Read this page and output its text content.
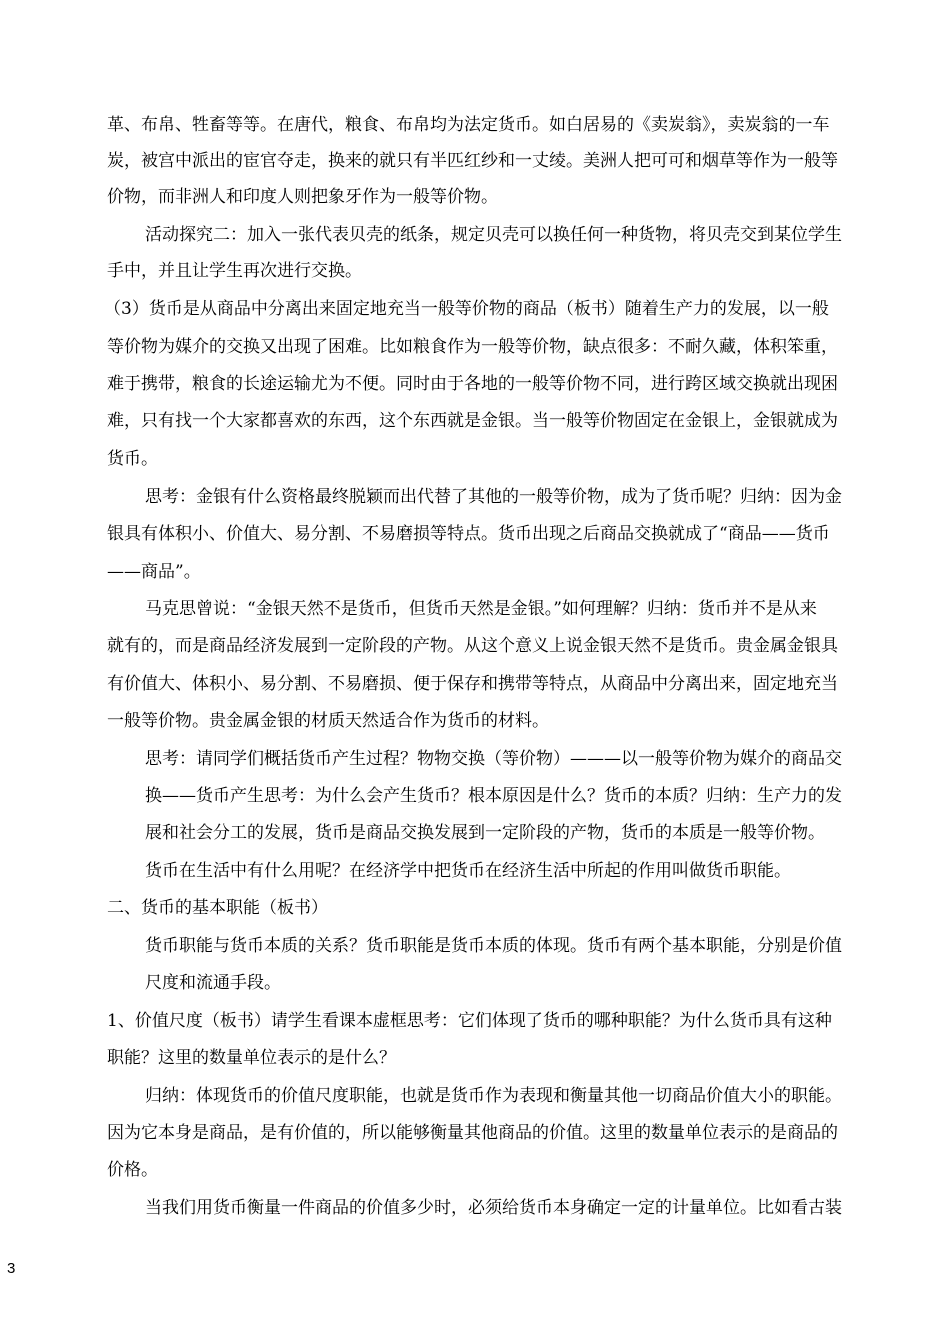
革、布帛、牲畜等等。在唐代，粮食、布帛均为法定货币。如白居易的《卖炭翁》，卖炭翁的一车
炭，被宫中派出的宦官夺走，换来的就只有半匹红纱和一丈绫。美洲人把可可和烟草等作为一般等
价物，而非洲人和印度人则把象牙作为一般等价物。
活动探究二：加入一张代表贝壳的纸条，规定贝壳可以换任何一种货物，将贝壳交到某位学生
手中，并且让学生再次进行交换。
（3）货币是从商品中分离出来固定地充当一般等价物的商品（板书）随着生产力的发展，以一般
等价物为媒介的交换又出现了困难。比如粮食作为一般等价物，缺点很多：不耐久藏，体积笨重，
难于携带，粮食的长途运输尤为不便。同时由于各地的一般等价物不同，进行跨区域交换就出现困
难，只有找一个大家都喜欢的东西，这个东西就是金银。当一般等价物固定在金银上，金银就成为
货币。
思考：金银有什么资格最终脱颖而出代替了其他的一般等价物，成为了货币呢？归纳：因为金
银具有体积小、价值大、易分割、不易磨损等特点。货币出现之后商品交换就成了“商品——货币
——商品”。
马克思曾说：“金银天然不是货币，但货币天然是金银。”如何理解？归纳：货币并不是从来
就有的，而是商品经济发展到一定阶段的产物。从这个意义上说金银天然不是货币。贵金属金银具
有价值大、体积小、易分割、不易磨损、便于保存和携带等特点，从商品中分离出来，固定地充当
一般等价物。贵金属金银的材质天然适合作为货币的材料。
思考：请同学们概括货币产生过程？物物交换（等价物）———以一般等价物为媒介的商品交
换——货币产生思考：为什么会产生货币？根本原因是什么？货币的本质？归纳：生产力的发
展和社会分工的发展，货币是商品交换发展到一定阶段的产物，货币的本质是一般等价物。
货币在生活中有什么用呢？在经济学中把货币在经济生活中所起的作用叫做货币职能。
二、货币的基本职能（板书）
货币职能与货币本质的关系？货币职能是货币本质的体现。货币有两个基本职能，分别是价值
尺度和流通手段。
1、价值尺度（板书）请学生看课本虚框思考：它们体现了货币的哪种职能？为什么货币具有这种
职能？这里的数量单位表示的是什么？
归纳：体现货币的价值尺度职能，也就是货币作为表现和衡量其他一切商品价值大小的职能。
因为它本身是商品，是有价值的，所以能够衡量其他商品的价值。这里的数量单位表示的是商品的
价格。
当我们用货币衡量一件商品的价值多少时，必须给货币本身确定一定的计量单位。比如看古装
3
